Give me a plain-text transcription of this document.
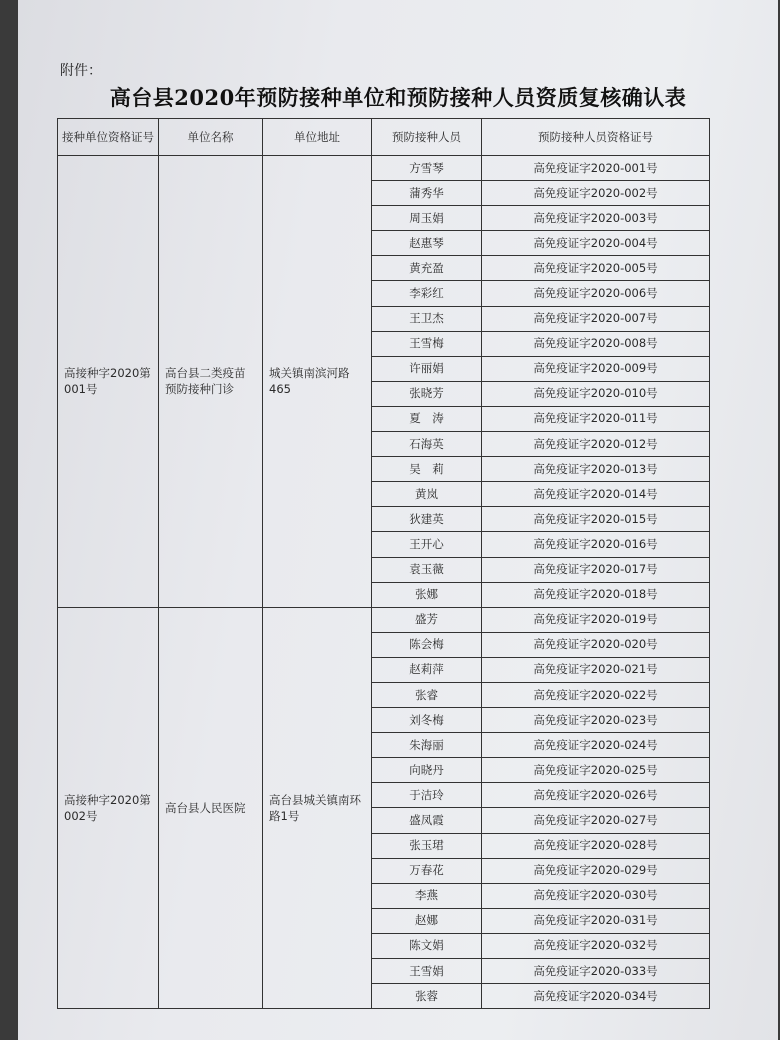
附件：
高台县2020年预防接种单位和预防接种人员资质复核确认表
接种单位资格证号	单位名称	单位地址	预防接种人员	预防接种人员资格证号
高接种字2020第001号	高台县二类疫苗预防接种门诊	城关镇南滨河路465	方雪琴	高免疫证字2020-001号
			蒲秀华	高免疫证字2020-002号
			周玉娟	高免疫证字2020-003号
			赵惠琴	高免疫证字2020-004号
			黄充盈	高免疫证字2020-005号
			李彩红	高免疫证字2020-006号
			王卫杰	高免疫证字2020-007号
			王雪梅	高免疫证字2020-008号
			许丽娟	高免疫证字2020-009号
			张晓芳	高免疫证字2020-010号
			夏　涛	高免疫证字2020-011号
			石海英	高免疫证字2020-012号
			吴　莉	高免疫证字2020-013号
			黄岚	高免疫证字2020-014号
			狄建英	高免疫证字2020-015号
			王开心	高免疫证字2020-016号
			袁玉薇	高免疫证字2020-017号
			张娜	高免疫证字2020-018号
高接种字2020第002号	高台县人民医院	高台县城关镇南环路1号	盛芳	高免疫证字2020-019号
			陈会梅	高免疫证字2020-020号
			赵莉萍	高免疫证字2020-021号
			张睿	高免疫证字2020-022号
			刘冬梅	高免疫证字2020-023号
			朱海丽	高免疫证字2020-024号
			向晓丹	高免疫证字2020-025号
			于洁玲	高免疫证字2020-026号
			盛凤霞	高免疫证字2020-027号
			张玉珺	高免疫证字2020-028号
			万春花	高免疫证字2020-029号
			李燕	高免疫证字2020-030号
			赵娜	高免疫证字2020-031号
			陈文娟	高免疫证字2020-032号
			王雪娟	高免疫证字2020-033号
			张蓉	高免疫证字2020-034号
